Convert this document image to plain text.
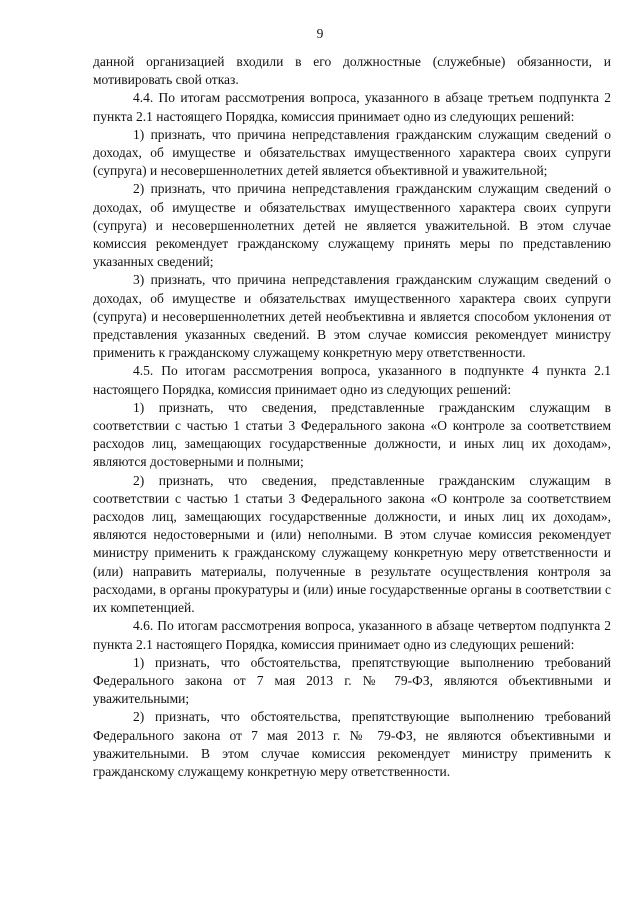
9

данной организацией входили в его должностные (служебные) обязанности, и мотивировать свой отказ.

4.4. По итогам рассмотрения вопроса, указанного в абзаце третьем подпункта 2 пункта 2.1 настоящего Порядка, комиссия принимает одно из следующих решений:

1) признать, что причина непредставления гражданским служащим сведений о доходах, об имуществе и обязательствах имущественного характера своих супруги (супруга) и несовершеннолетних детей является объективной и уважительной;

2) признать, что причина непредставления гражданским служащим сведений о доходах, об имуществе и обязательствах имущественного характера своих супруги (супруга) и несовершеннолетних детей не является уважительной. В этом случае комиссия рекомендует гражданскому служащему принять меры по представлению указанных сведений;

3) признать, что причина непредставления гражданским служащим сведений о доходах, об имуществе и обязательствах имущественного характера своих супруги (супруга) и несовершеннолетних детей необъективна и является способом уклонения от представления указанных сведений. В этом случае комиссия рекомендует министру применить к гражданскому служащему конкретную меру ответственности.

4.5. По итогам рассмотрения вопроса, указанного в подпункте 4 пункта 2.1 настоящего Порядка, комиссия принимает одно из следующих решений:

1) признать, что сведения, представленные гражданским служащим в соответствии с частью 1 статьи 3 Федерального закона «О контроле за соответствием расходов лиц, замещающих государственные должности, и иных лиц их доходам», являются достоверными и полными;

2) признать, что сведения, представленные гражданским служащим в соответствии с частью 1 статьи 3 Федерального закона «О контроле за соответствием расходов лиц, замещающих государственные должности, и иных лиц их доходам», являются недостоверными и (или) неполными. В этом случае комиссия рекомендует министру применить к гражданскому служащему конкретную меру ответственности и (или) направить материалы, полученные в результате осуществления контроля за расходами, в органы прокуратуры и (или) иные государственные органы в соответствии с их компетенцией.

4.6. По итогам рассмотрения вопроса, указанного в абзаце четвертом подпункта 2 пункта 2.1 настоящего Порядка, комиссия принимает одно из следующих решений:

1) признать, что обстоятельства, препятствующие выполнению требований Федерального закона от 7 мая 2013 г. № 79-ФЗ, являются объективными и уважительными;

2) признать, что обстоятельства, препятствующие выполнению требований Федерального закона от 7 мая 2013 г. № 79-ФЗ, не являются объективными и уважительными. В этом случае комиссия рекомендует министру применить к гражданскому служащему конкретную меру ответственности.
